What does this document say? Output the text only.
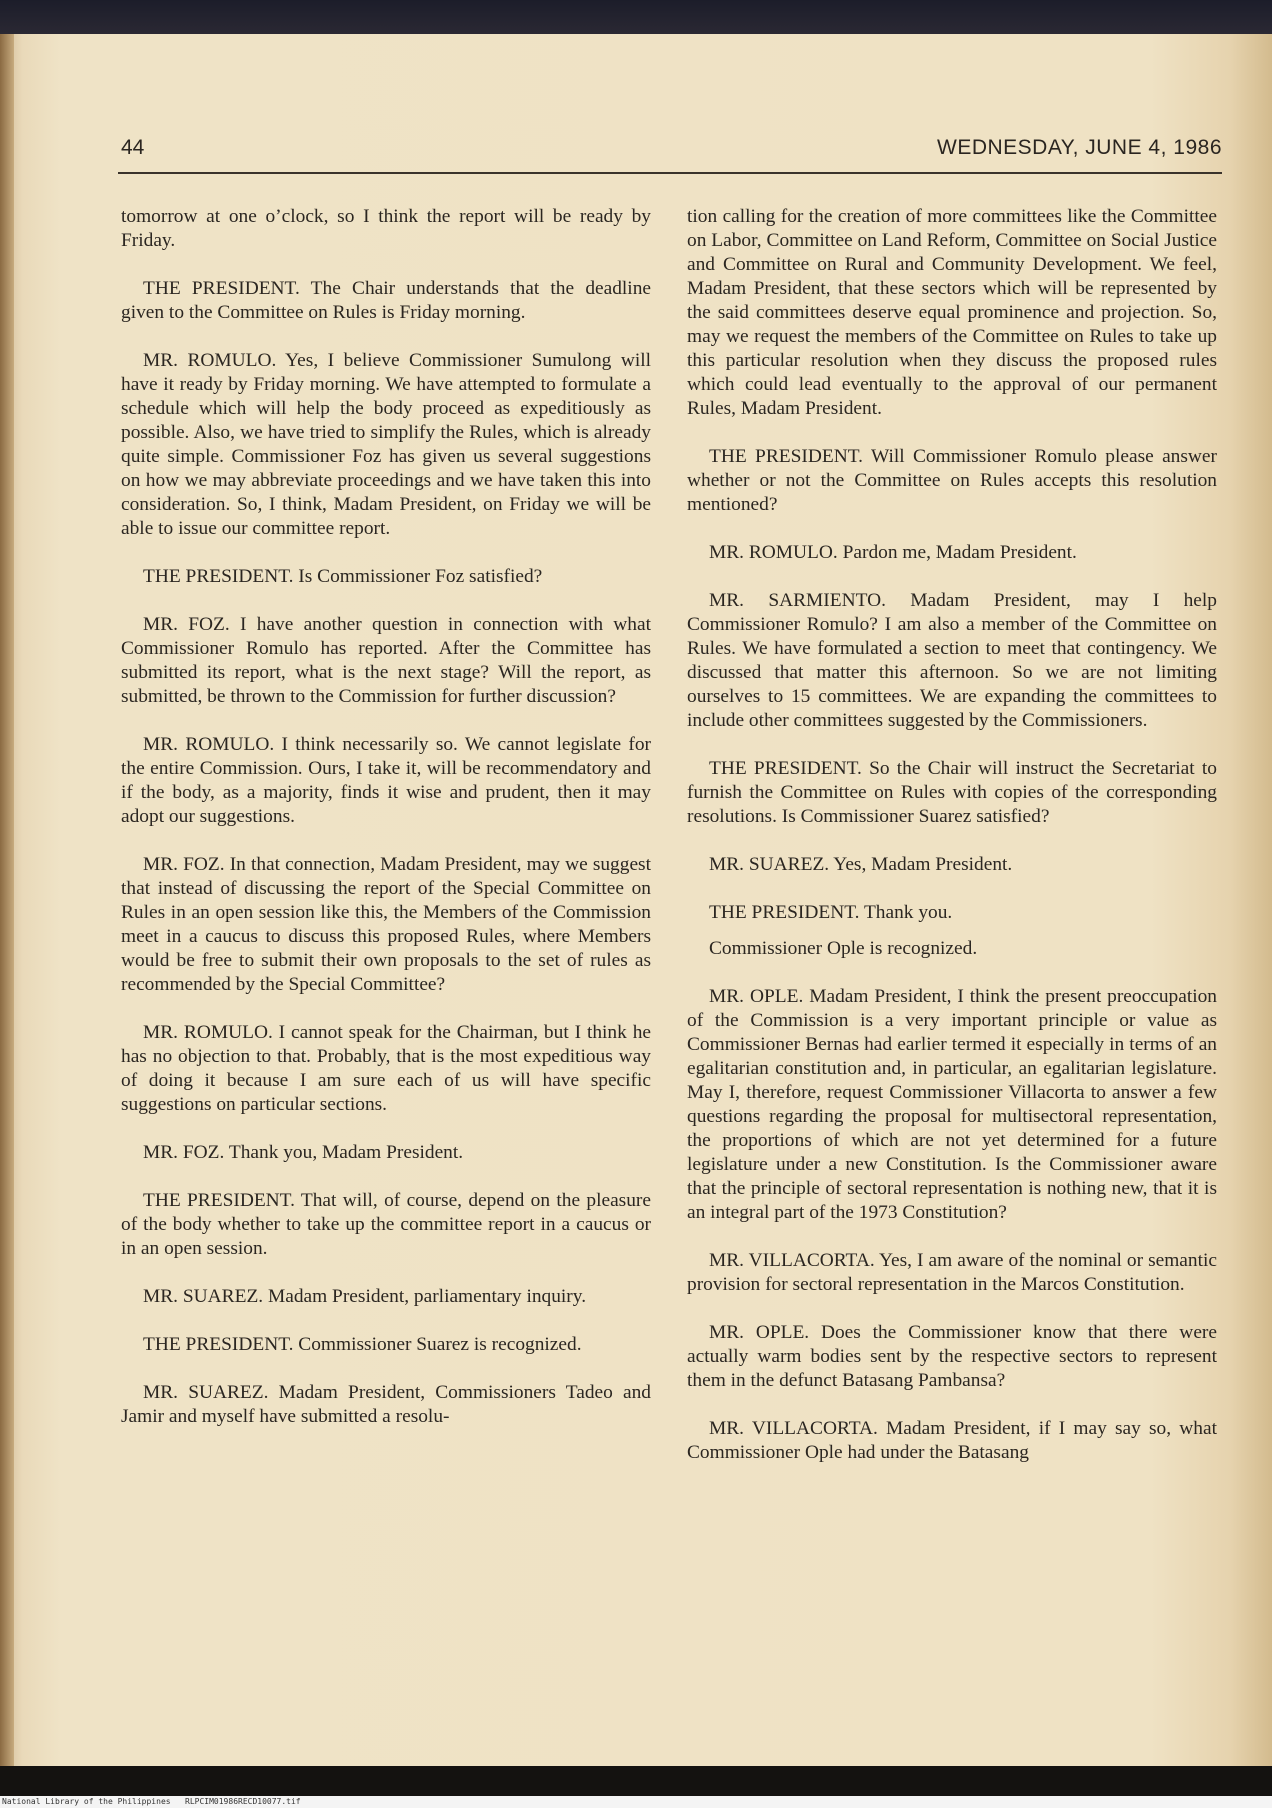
44	WEDNESDAY, JUNE 4, 1986

tomorrow at one o’clock, so I think the report will be ready by Friday.

THE PRESIDENT. The Chair understands that the deadline given to the Committee on Rules is Friday morning.

MR. ROMULO. Yes, I believe Commissioner Sumulong will have it ready by Friday morning. We have attempted to formulate a schedule which will help the body proceed as expeditiously as possible. Also, we have tried to simplify the Rules, which is already quite simple. Commissioner Foz has given us several suggestions on how we may abbreviate proceedings and we have taken this into consideration. So, I think, Madam President, on Friday we will be able to issue our committee report.

THE PRESIDENT. Is Commissioner Foz satisfied?

MR. FOZ. I have another question in connection with what Commissioner Romulo has reported. After the Committee has submitted its report, what is the next stage? Will the report, as submitted, be thrown to the Commission for further discussion?

MR. ROMULO. I think necessarily so. We cannot legislate for the entire Commission. Ours, I take it, will be recommendatory and if the body, as a majority, finds it wise and prudent, then it may adopt our suggestions.

MR. FOZ. In that connection, Madam President, may we suggest that instead of discussing the report of the Special Committee on Rules in an open session like this, the Members of the Commission meet in a caucus to discuss this proposed Rules, where Members would be free to submit their own proposals to the set of rules as recommended by the Special Committee?

MR. ROMULO. I cannot speak for the Chairman, but I think he has no objection to that. Probably, that is the most expeditious way of doing it because I am sure each of us will have specific suggestions on particular sections.

MR. FOZ. Thank you, Madam President.

THE PRESIDENT. That will, of course, depend on the pleasure of the body whether to take up the committee report in a caucus or in an open session.

MR. SUAREZ. Madam President, parliamentary inquiry.

THE PRESIDENT. Commissioner Suarez is recognized.

MR. SUAREZ. Madam President, Commissioners Tadeo and Jamir and myself have submitted a resolu-

tion calling for the creation of more committees like the Committee on Labor, Committee on Land Reform, Committee on Social Justice and Committee on Rural and Community Development. We feel, Madam President, that these sectors which will be represented by the said committees deserve equal prominence and projection. So, may we request the members of the Committee on Rules to take up this particular resolution when they discuss the proposed rules which could lead eventually to the approval of our permanent Rules, Madam President.

THE PRESIDENT. Will Commissioner Romulo please answer whether or not the Committee on Rules accepts this resolution mentioned?

MR. ROMULO. Pardon me, Madam President.

MR. SARMIENTO. Madam President, may I help Commissioner Romulo? I am also a member of the Committee on Rules. We have formulated a section to meet that contingency. We discussed that matter this afternoon. So we are not limiting ourselves to 15 committees. We are expanding the committees to include other committees suggested by the Commissioners.

THE PRESIDENT. So the Chair will instruct the Secretariat to furnish the Committee on Rules with copies of the corresponding resolutions. Is Commissioner Suarez satisfied?

MR. SUAREZ. Yes, Madam President.

THE PRESIDENT. Thank you.

Commissioner Ople is recognized.

MR. OPLE. Madam President, I think the present preoccupation of the Commission is a very important principle or value as Commissioner Bernas had earlier termed it especially in terms of an egalitarian constitution and, in particular, an egalitarian legislature. May I, therefore, request Commissioner Villacorta to answer a few questions regarding the proposal for multisectoral representation, the proportions of which are not yet determined for a future legislature under a new Constitution. Is the Commissioner aware that the principle of sectoral representation is nothing new, that it is an integral part of the 1973 Constitution?

MR. VILLACORTA. Yes, I am aware of the nominal or semantic provision for sectoral representation in the Marcos Constitution.

MR. OPLE. Does the Commissioner know that there were actually warm bodies sent by the respective sectors to represent them in the defunct Batasang Pambansa?

MR. VILLACORTA. Madam President, if I may say so, what Commissioner Ople had under the Batasang

National Library of the Philippines   RLPCIM01986RECD10077.tif
